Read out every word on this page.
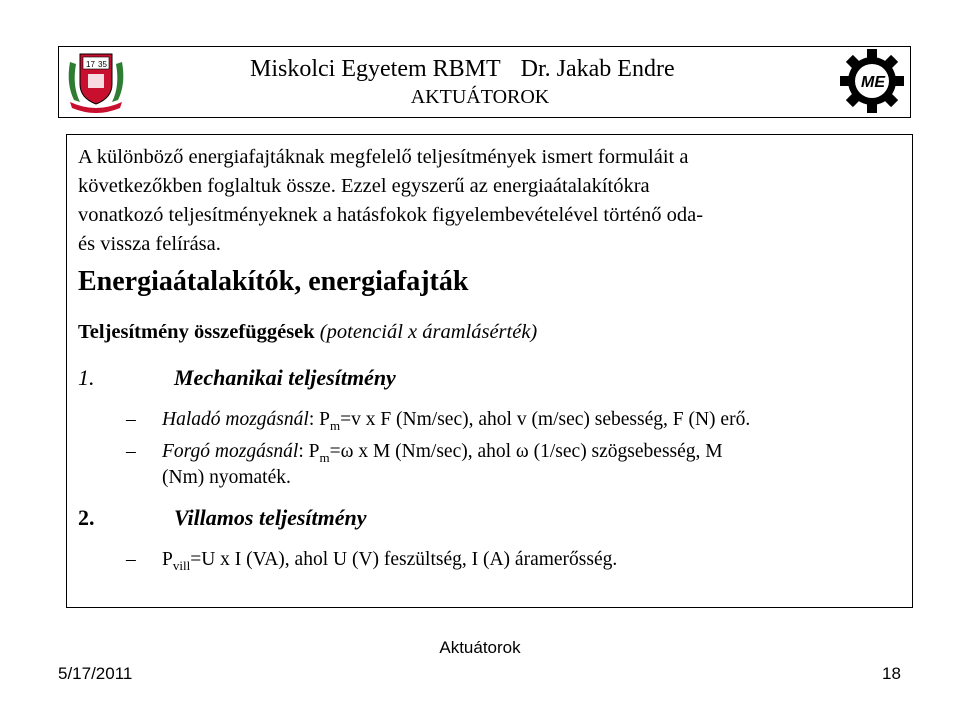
17 35	Miskolci Egyetem RBMT Dr. Jakab Endre
AKTUÁTOROK
ME
A különböző energiafajtáknak megfelelő teljesítmények ismert formuláit a
következőkben foglaltuk össze. Ezzel egyszerű az energiaátalakítókra
vonatkozó teljesítményeknek a hatásfokok figyelembevételével történő oda-
és vissza felírása.
Energiaátalakítók, energiafajták
Teljesítmény összefüggések (potenciál x áramlásérték)
1.	Mechanikai teljesítmény
– Haladó mozgásnál: $P_m=v$ x F (Nm/sec), ahol v (m/sec) sebesség, F (N) erő.
– Forgó mozgásnál: $P_m=\omega$ x M (Nm/sec), ahol ω (1/sec) szögsebesség, M
(Nm) nyomaték.
2.	Villamos teljesítmény
– $P_{vill}=U$ x I (VA), ahol U (V) feszültség, I (A) áramerősség.
5/17/2011
Aktuátorok
18
